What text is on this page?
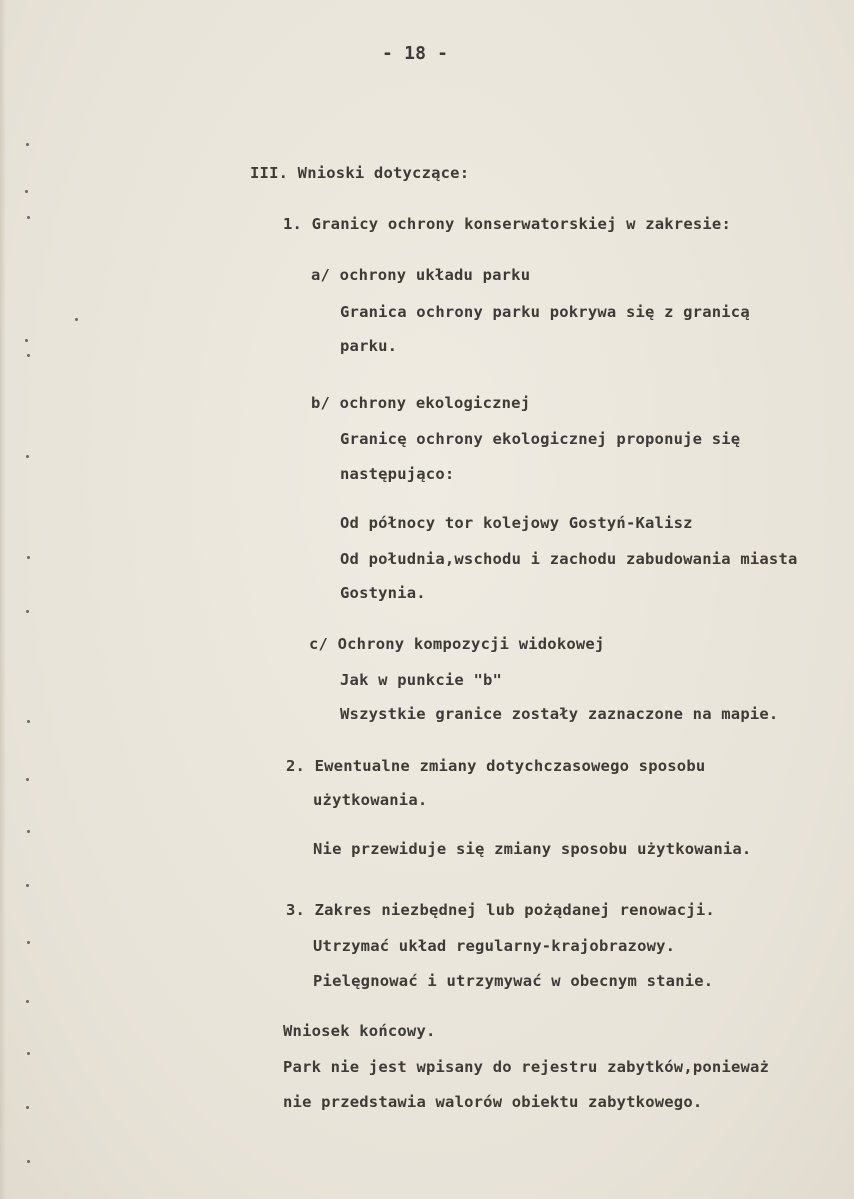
- 18 -
III. Wnioski dotyczące:
1. Granicy ochrony konserwatorskiej w zakresie:
a/ ochrony układu parku
Granica ochrony parku pokrywa się z granicą
parku.
b/ ochrony ekologicznej
Granicę ochrony ekologicznej proponuje się
następująco:
Od północy tor kolejowy Gostyń-Kalisz
Od południa,wschodu i zachodu zabudowania miasta
Gostynia.
c/ Ochrony kompozycji widokowej
Jak w punkcie "b"
Wszystkie granice zostały zaznaczone na mapie.
2. Ewentualne zmiany dotychczasowego sposobu
użytkowania.
Nie przewiduje się zmiany sposobu użytkowania.
3. Zakres niezbędnej lub pożądanej renowacji.
Utrzymać układ regularny-krajobrazowy.
Pielęgnować i utrzymywać w obecnym stanie.
Wniosek końcowy.
Park nie jest wpisany do rejestru zabytków,ponieważ
nie przedstawia walorów obiektu zabytkowego.
